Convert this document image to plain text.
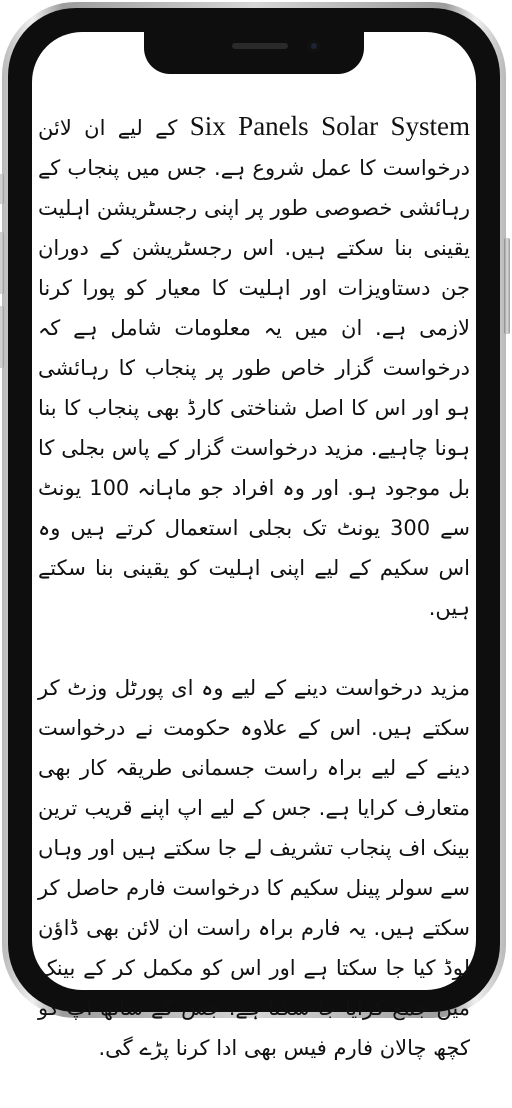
Six Panels Solar System کے لیے ان لائن درخواست کا عمل شروع ہے. جس میں پنجاب کے رہائشی خصوصی طور پر اپنی رجسٹریشن اہلیت یقینی بنا سکتے ہیں. اس رجسٹریشن کے دوران جن دستاویزات اور اہلیت کا معیار کو پورا کرنا لازمی ہے. ان میں یہ معلومات شامل ہے کہ درخواست گزار خاص طور پر پنجاب کا رہائشی ہو اور اس کا اصل شناختی کارڈ بھی پنجاب کا بنا ہونا چاہیے. مزید درخواست گزار کے پاس بجلی کا بل موجود ہو. اور وہ افراد جو ماہانہ 100 یونٹ سے 300 یونٹ تک بجلی استعمال کرتے ہیں وہ اس سکیم کے لیے اپنی اہلیت کو یقینی بنا سکتے ہیں.

مزید درخواست دینے کے لیے وہ ای پورٹل وزٹ کر سکتے ہیں. اس کے علاوہ حکومت نے درخواست دینے کے لیے براہ راست جسمانی طریقہ کار بھی متعارف کرایا ہے. جس کے لیے اپ اپنے قریب ترین بینک اف پنجاب تشریف لے جا سکتے ہیں اور وہاں سے سولر پینل سکیم کا درخواست فارم حاصل کر سکتے ہیں. یہ فارم براہ راست ان لائن بھی ڈاؤن لوڈ کیا جا سکتا ہے اور اس کو مکمل کر کے بینک میں جمع کرایا جا سکتا ہے. جس کے ساتھ اپ کو کچھ چالان فارم فیس بھی ادا کرنا پڑے گی.
